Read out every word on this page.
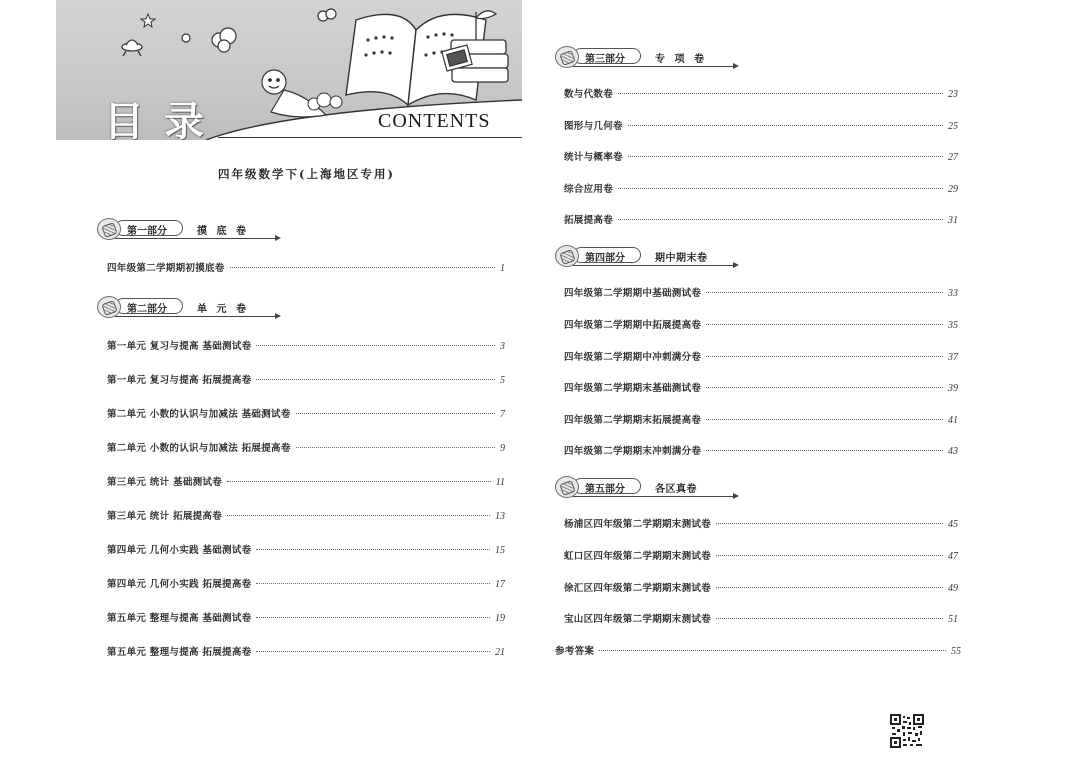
目录	CONTENTS
四年级数学下(上海地区专用)
第一部分	摸 底 卷
四年级第二学期期初摸底卷	1
第二部分	单 元 卷
第一单元 复习与提高 基础测试卷	3
第一单元 复习与提高 拓展提高卷	5
第二单元 小数的认识与加减法 基础测试卷	7
第二单元 小数的认识与加减法 拓展提高卷	9
第三单元 统计 基础测试卷	11
第三单元 统计 拓展提高卷	13
第四单元 几何小实践 基础测试卷	15
第四单元 几何小实践 拓展提高卷	17
第五单元 整理与提高 基础测试卷	19
第五单元 整理与提高 拓展提高卷	21
第三部分	专 项 卷
数与代数卷	23
图形与几何卷	25
统计与概率卷	27
综合应用卷	29
拓展提高卷	31
第四部分	期中期末卷
四年级第二学期期中基础测试卷	33
四年级第二学期期中拓展提高卷	35
四年级第二学期期中冲刺满分卷	37
四年级第二学期期末基础测试卷	39
四年级第二学期期末拓展提高卷	41
四年级第二学期期末冲刺满分卷	43
第五部分	各区真卷
杨浦区四年级第二学期期末测试卷	45
虹口区四年级第二学期期末测试卷	47
徐汇区四年级第二学期期末测试卷	49
宝山区四年级第二学期期末测试卷	51
参考答案	55
